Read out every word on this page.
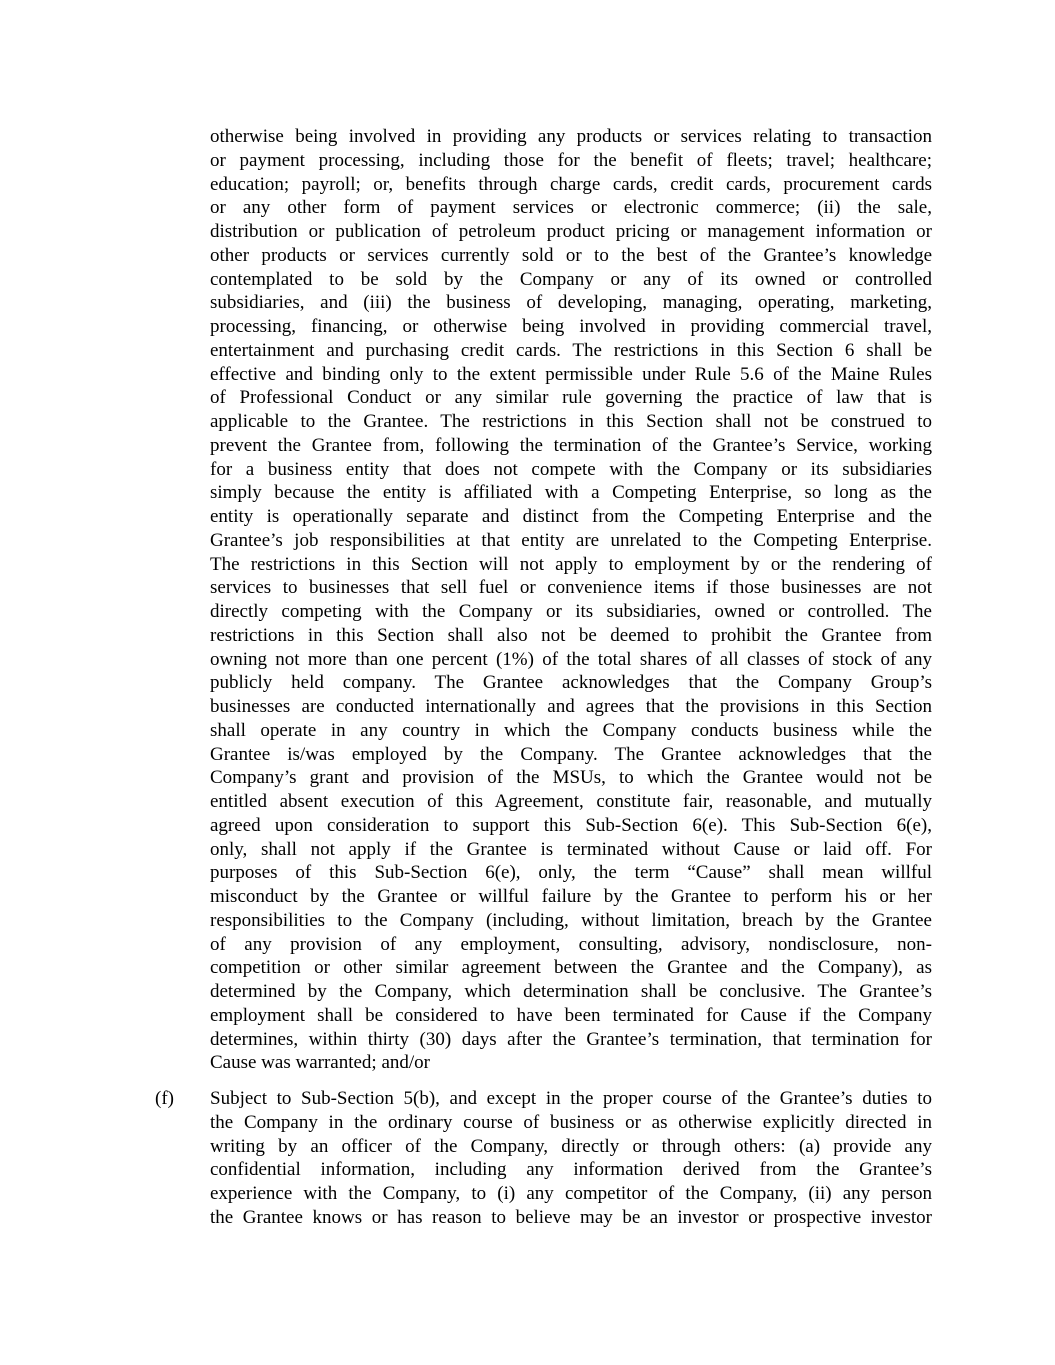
otherwise being involved in providing any products or services relating to transaction
or payment processing, including those for the benefit of fleets; travel; healthcare;
education; payroll; or, benefits through charge cards, credit cards, procurement cards
or any other form of payment services or electronic commerce; (ii) the sale,
distribution or publication of petroleum product pricing or management information or
other products or services currently sold or to the best of the Grantee’s knowledge
contemplated to be sold by the Company or any of its owned or controlled
subsidiaries, and (iii) the business of developing, managing, operating, marketing,
processing, financing, or otherwise being involved in providing commercial travel,
entertainment and purchasing credit cards. The restrictions in this Section 6 shall be
effective and binding only to the extent permissible under Rule 5.6 of the Maine Rules
of Professional Conduct or any similar rule governing the practice of law that is
applicable to the Grantee. The restrictions in this Section shall not be construed to
prevent the Grantee from, following the termination of the Grantee’s Service, working
for a business entity that does not compete with the Company or its subsidiaries
simply because the entity is affiliated with a Competing Enterprise, so long as the
entity is operationally separate and distinct from the Competing Enterprise and the
Grantee’s job responsibilities at that entity are unrelated to the Competing Enterprise.
The restrictions in this Section will not apply to employment by or the rendering of
services to businesses that sell fuel or convenience items if those businesses are not
directly competing with the Company or its subsidiaries, owned or controlled. The
restrictions in this Section shall also not be deemed to prohibit the Grantee from
owning not more than one percent (1%) of the total shares of all classes of stock of any
publicly held company. The Grantee acknowledges that the Company Group’s
businesses are conducted internationally and agrees that the provisions in this Section
shall operate in any country in which the Company conducts business while the
Grantee is/was employed by the Company. The Grantee acknowledges that the
Company’s grant and provision of the MSUs, to which the Grantee would not be
entitled absent execution of this Agreement, constitute fair, reasonable, and mutually
agreed upon consideration to support this Sub-Section 6(e). This Sub-Section 6(e),
only, shall not apply if the Grantee is terminated without Cause or laid off. For
purposes of this Sub-Section 6(e), only, the term “Cause” shall mean willful
misconduct by the Grantee or willful failure by the Grantee to perform his or her
responsibilities to the Company (including, without limitation, breach by the Grantee
of any provision of any employment, consulting, advisory, nondisclosure, non-
competition or other similar agreement between the Grantee and the Company), as
determined by the Company, which determination shall be conclusive. The Grantee’s
employment shall be considered to have been terminated for Cause if the Company
determines, within thirty (30) days after the Grantee’s termination, that termination for
Cause was warranted; and/or
(f) Subject to Sub-Section 5(b), and except in the proper course of the Grantee’s duties to
the Company in the ordinary course of business or as otherwise explicitly directed in
writing by an officer of the Company, directly or through others: (a) provide any
confidential information, including any information derived from the Grantee’s
experience with the Company, to (i) any competitor of the Company, (ii) any person
the Grantee knows or has reason to believe may be an investor or prospective investor
